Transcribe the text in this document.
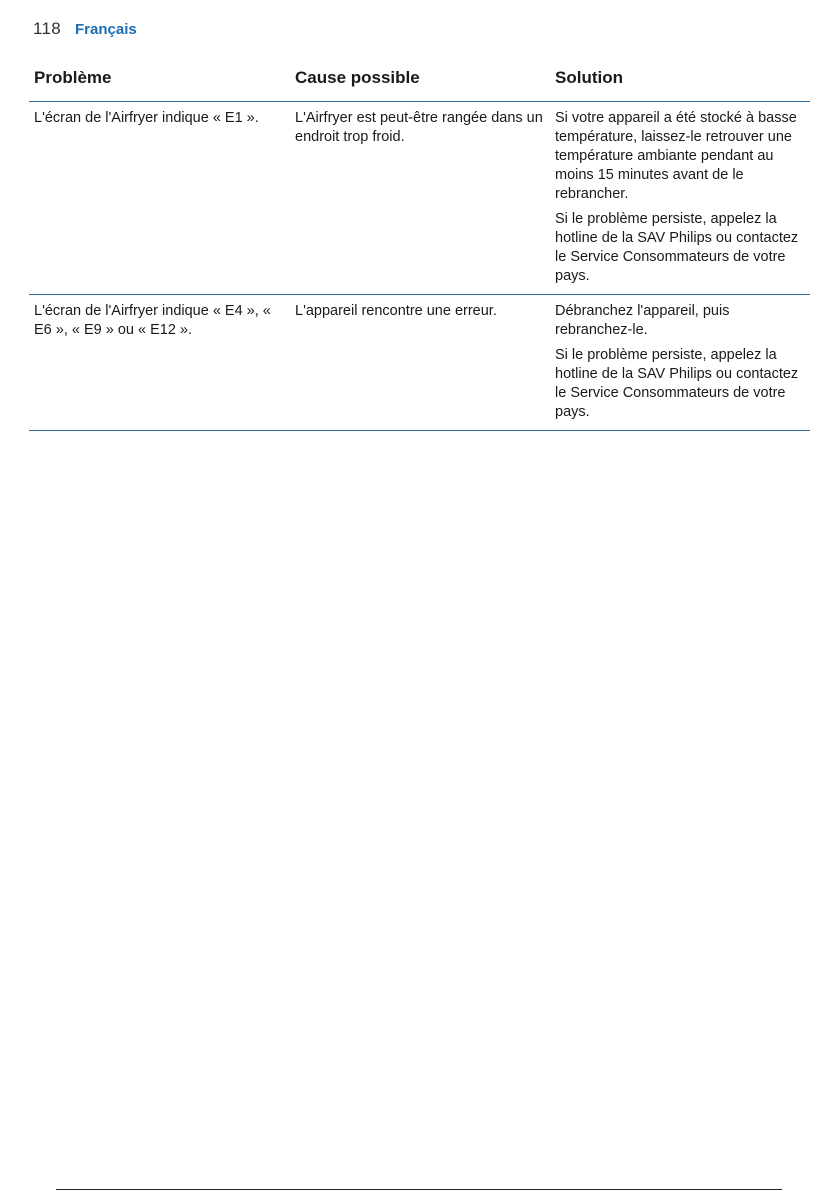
118 Français
Problème	Cause possible	Solution
L'écran de l'Airfryer indique « E1 ».	L'Airfryer est peut-être rangée dans un endroit trop froid.	Si votre appareil a été stocké à basse température, laissez-le retrouver une température ambiante pendant au moins 15 minutes avant de le rebrancher.

Si le problème persiste, appelez la hotline de la SAV Philips ou contactez le Service Consommateurs de votre pays.

L'écran de l'Airfryer indique « E4 », « E6 », « E9 » ou « E12 ».	L'appareil rencontre une erreur.	Débranchez l'appareil, puis rebranchez-le.

Si le problème persiste, appelez la hotline de la SAV Philips ou contactez le Service Consommateurs de votre pays.
